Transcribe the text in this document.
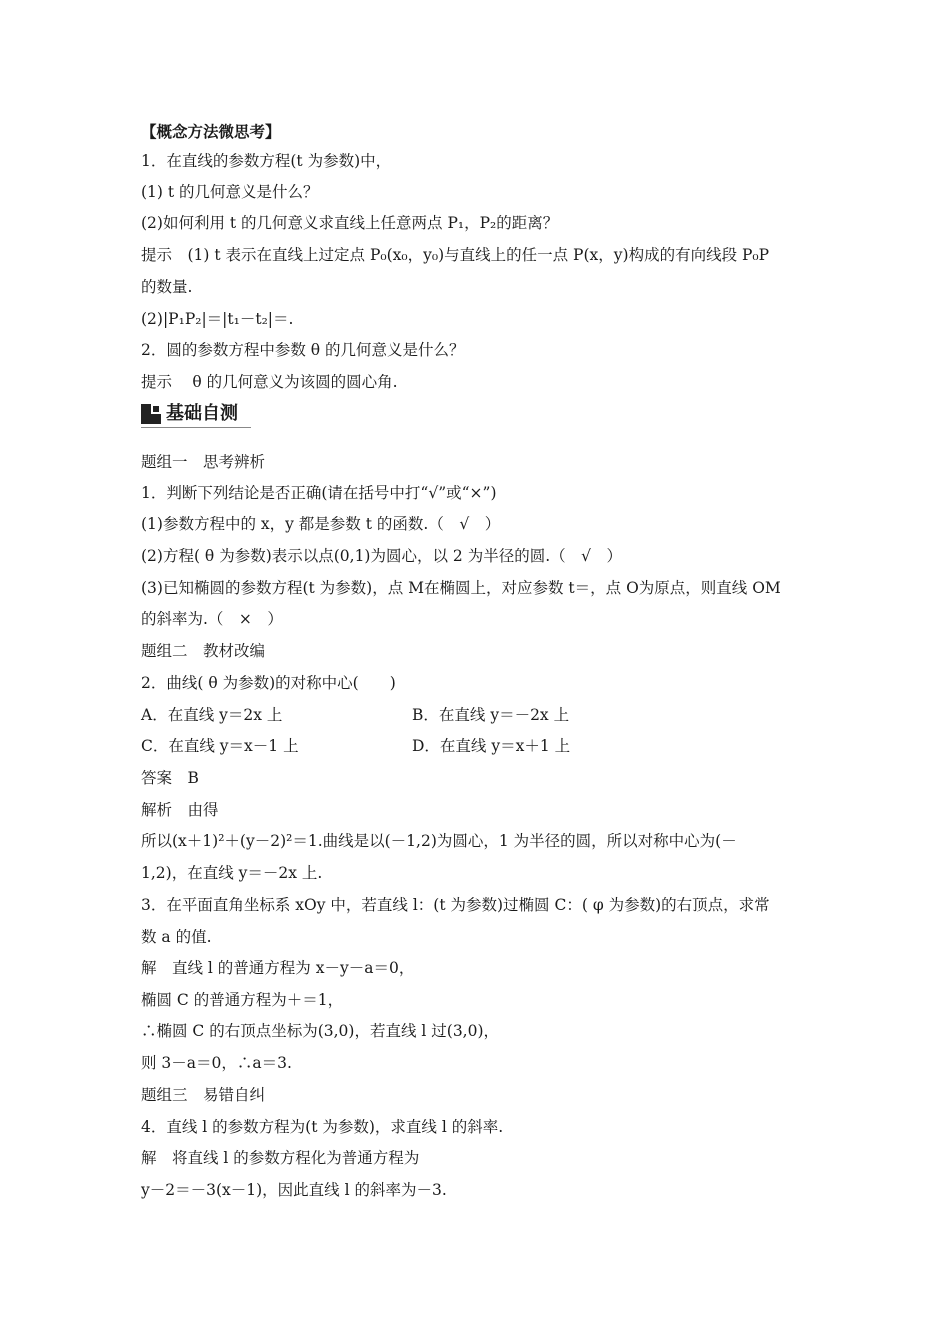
【概念方法微思考】
1．在直线的参数方程(t 为参数)中，
(1) t 的几何意义是什么？
(2)如何利用 t 的几何意义求直线上任意两点 P₁，P₂的距离？
提示　(1) t 表示在直线上过定点 P₀(x₀，y₀)与直线上的任一点 P(x，y)构成的有向线段 P₀P
的数量.
(2)|P₁P₂|＝|t₁－t₂|＝.
2．圆的参数方程中参数 θ 的几何意义是什么？
提示　 θ 的几何意义为该圆的圆心角.
基础自测
题组一　思考辨析
1．判断下列结论是否正确(请在括号中打“√”或“×”)
(1)参数方程中的 x，y 都是参数 t 的函数.（　√　）
(2)方程( θ 为参数)表示以点(0,1)为圆心，以 2 为半径的圆.（　√　）
(3)已知椭圆的参数方程(t 为参数)，点 M在椭圆上，对应参数 t＝，点 O为原点，则直线 OM
的斜率为.（　×　）
题组二　教材改编
2．曲线( θ 为参数)的对称中心(　　)
A．在直线 y＝2x 上	B．在直线 y＝－2x 上
C．在直线 y＝x－1 上	D．在直线 y＝x＋1 上
答案　B
解析　由得
所以(x＋1)²＋(y－2)²＝1.曲线是以(－1,2)为圆心，1 为半径的圆，所以对称中心为(－
1,2)，在直线 y＝－2x 上.
3．在平面直角坐标系 xOy 中，若直线 l：(t 为参数)过椭圆 C：( φ 为参数)的右顶点，求常
数 a 的值.
解　直线 l 的普通方程为 x－y－a＝0，
椭圆 C 的普通方程为＋＝1，
∴椭圆 C 的右顶点坐标为(3,0)，若直线 l 过(3,0)，
则 3－a＝0，∴a＝3.
题组三　易错自纠
4．直线 l 的参数方程为(t 为参数)，求直线 l 的斜率.
解　将直线 l 的参数方程化为普通方程为
y－2＝－3(x－1)，因此直线 l 的斜率为－3.
